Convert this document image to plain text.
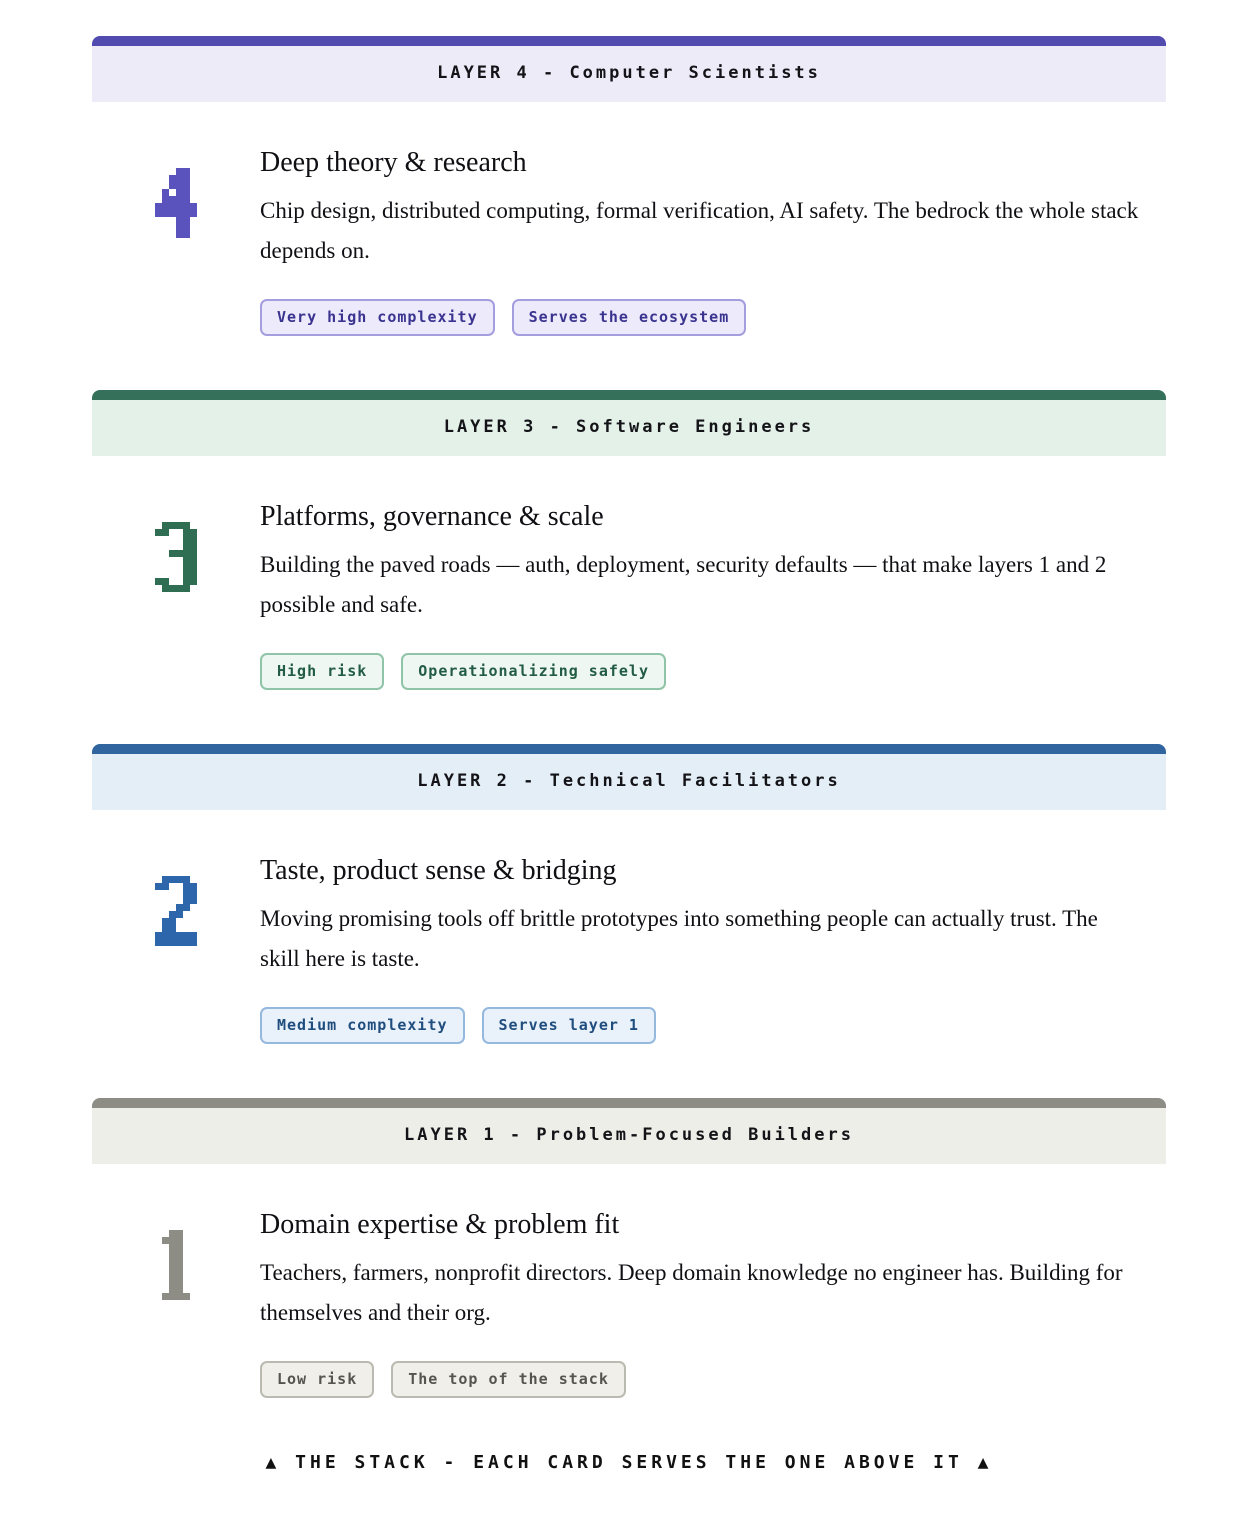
LAYER 4 - Computer Scientists
Deep theory & research

Chip design, distributed computing, formal verification, AI safety. The bedrock the whole stack depends on.

Very high complexity	Serves the ecosystem
LAYER 3 - Software Engineers
Platforms, governance & scale

Building the paved roads — auth, deployment, security defaults — that make layers 1 and 2 possible and safe.

High risk	Operationalizing safely
LAYER 2 - Technical Facilitators
Taste, product sense & bridging

Moving promising tools off brittle prototypes into something people can actually trust. The skill here is taste.

Medium complexity	Serves layer 1
LAYER 1 - Problem-Focused Builders
Domain expertise & problem fit

Teachers, farmers, nonprofit directors. Deep domain knowledge no engineer has. Building for themselves and their org.

Low risk	The top of the stack
▲ THE STACK - EACH CARD SERVES THE ONE ABOVE IT ▲
